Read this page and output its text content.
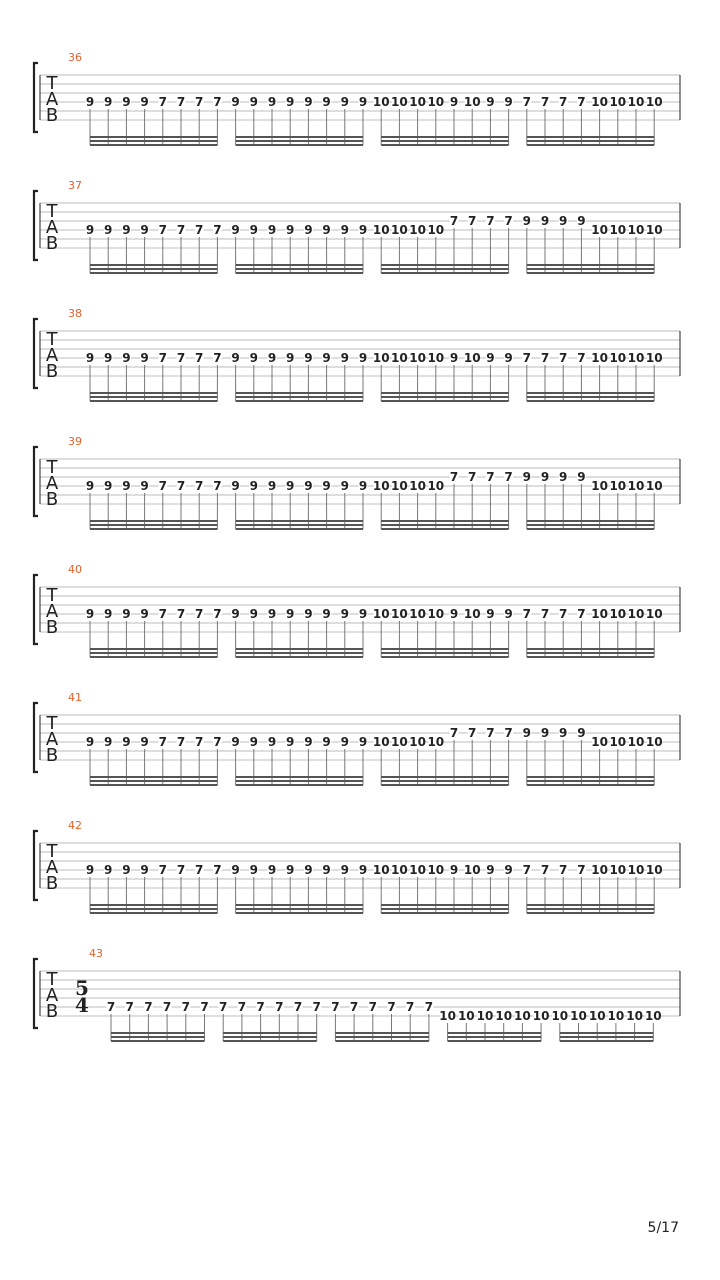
T
A
B
36
9 9 9 9 7 7 7 7 9 9 9 9 9 9 9 9 10 10 10 10 9 10 9 9 7 7 7 7 10 10 10 10
T
A
B
37
9 9 9 9 7 7 7 7 9 9 9 9 9 9 9 9 10 10 10 10
7 7 7 7 9 9 9 9
10 10 10 10
T
A
B
38
9 9 9 9 7 7 7 7 9 9 9 9 9 9 9 9 10 10 10 10 9 10 9 9 7 7 7 7 10 10 10 10
T
A
B
39
9 9 9 9 7 7 7 7 9 9 9 9 9 9 9 9 10 10 10 10
7 7 7 7 9 9 9 9
10 10 10 10
T
A
B
40
9 9 9 9 7 7 7 7 9 9 9 9 9 9 9 9 10 10 10 10 9 10 9 9 7 7 7 7 10 10 10 10
T
A
B
41
9 9 9 9 7 7 7 7 9 9 9 9 9 9 9 9 10 10 10 10
7 7 7 7 9 9 9 9
10 10 10 10
T
A
B
42
9 9 9 9 7 7 7 7 9 9 9 9 9 9 9 9 10 10 10 10 9 10 9 9 7 7 7 7 10 10 10 10
T
A
B
43
5
4 7 7 7 7 7 7 7 7 7 7 7 7 7 7 7 7 7 7
10 10 10 10 10 10 10 10 10 10 10 10
5/17
